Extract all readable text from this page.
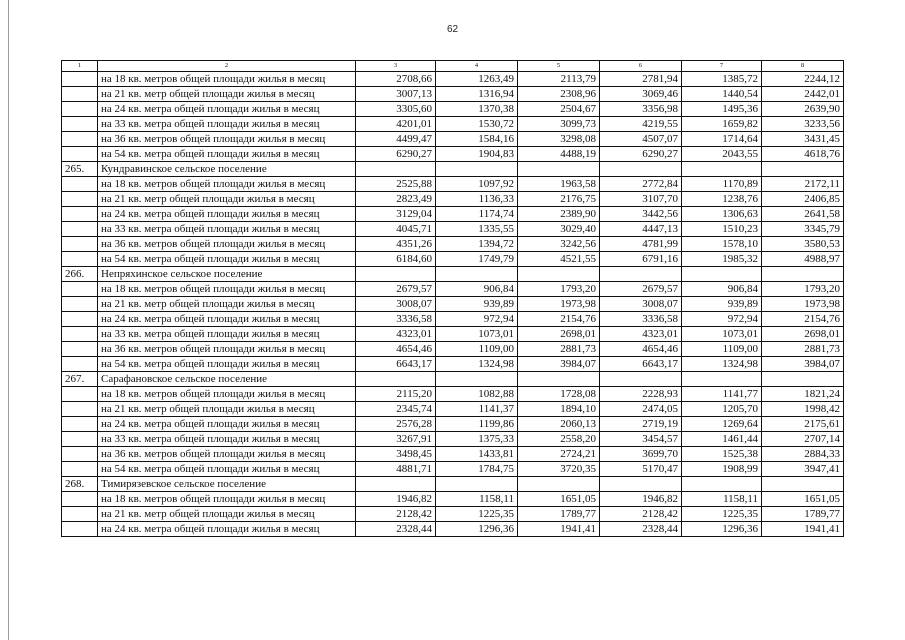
62
1	2	3	4	5	6	7	8
	на 18 кв. метров общей площади жилья в месяц	2708,66	1263,49	2113,79	2781,94	1385,72	2244,12
	на 21 кв. метр общей площади жилья в месяц	3007,13	1316,94	2308,96	3069,46	1440,54	2442,01
	на 24 кв. метра общей площади жилья в месяц	3305,60	1370,38	2504,67	3356,98	1495,36	2639,90
	на 33 кв. метра общей площади жилья в месяц	4201,01	1530,72	3099,73	4219,55	1659,82	3233,56
	на 36 кв. метров общей площади жилья в месяц	4499,47	1584,16	3298,08	4507,07	1714,64	3431,45
	на 54 кв. метра общей площади жилья в месяц	6290,27	1904,83	4488,19	6290,27	2043,55	4618,76
265.	Кундравинское сельское поселение						
	на 18 кв. метров общей площади жилья в месяц	2525,88	1097,92	1963,58	2772,84	1170,89	2172,11
	на 21 кв. метр общей площади жилья в месяц	2823,49	1136,33	2176,75	3107,70	1238,76	2406,85
	на 24 кв. метра общей площади жилья в месяц	3129,04	1174,74	2389,90	3442,56	1306,63	2641,58
	на 33 кв. метра общей площади жилья в месяц	4045,71	1335,55	3029,40	4447,13	1510,23	3345,79
	на 36 кв. метров общей площади жилья в месяц	4351,26	1394,72	3242,56	4781,99	1578,10	3580,53
	на 54 кв. метра общей площади жилья в месяц	6184,60	1749,79	4521,55	6791,16	1985,32	4988,97
266.	Непряхинское сельское поселение						
	на 18 кв. метров общей площади жилья в месяц	2679,57	906,84	1793,20	2679,57	906,84	1793,20
	на 21 кв. метр общей площади жилья в месяц	3008,07	939,89	1973,98	3008,07	939,89	1973,98
	на 24 кв. метра общей площади жилья в месяц	3336,58	972,94	2154,76	3336,58	972,94	2154,76
	на 33 кв. метра общей площади жилья в месяц	4323,01	1073,01	2698,01	4323,01	1073,01	2698,01
	на 36 кв. метров общей площади жилья в месяц	4654,46	1109,00	2881,73	4654,46	1109,00	2881,73
	на 54 кв. метра общей площади жилья в месяц	6643,17	1324,98	3984,07	6643,17	1324,98	3984,07
267.	Сарафановское сельское поселение						
	на 18 кв. метров общей площади жилья в месяц	2115,20	1082,88	1728,08	2228,93	1141,77	1821,24
	на 21 кв. метр общей площади жилья в месяц	2345,74	1141,37	1894,10	2474,05	1205,70	1998,42
	на 24 кв. метра общей площади жилья в месяц	2576,28	1199,86	2060,13	2719,19	1269,64	2175,61
	на 33 кв. метра общей площади жилья в месяц	3267,91	1375,33	2558,20	3454,57	1461,44	2707,14
	на 36 кв. метров общей площади жилья в месяц	3498,45	1433,81	2724,21	3699,70	1525,38	2884,33
	на 54 кв. метра общей площади жилья в месяц	4881,71	1784,75	3720,35	5170,47	1908,99	3947,41
268.	Тимирязевское сельское поселение						
	на 18 кв. метров общей площади жилья в месяц	1946,82	1158,11	1651,05	1946,82	1158,11	1651,05
	на 21 кв. метр общей площади жилья в месяц	2128,42	1225,35	1789,77	2128,42	1225,35	1789,77
	на 24 кв. метра общей площади жилья в месяц	2328,44	1296,36	1941,41	2328,44	1296,36	1941,41
